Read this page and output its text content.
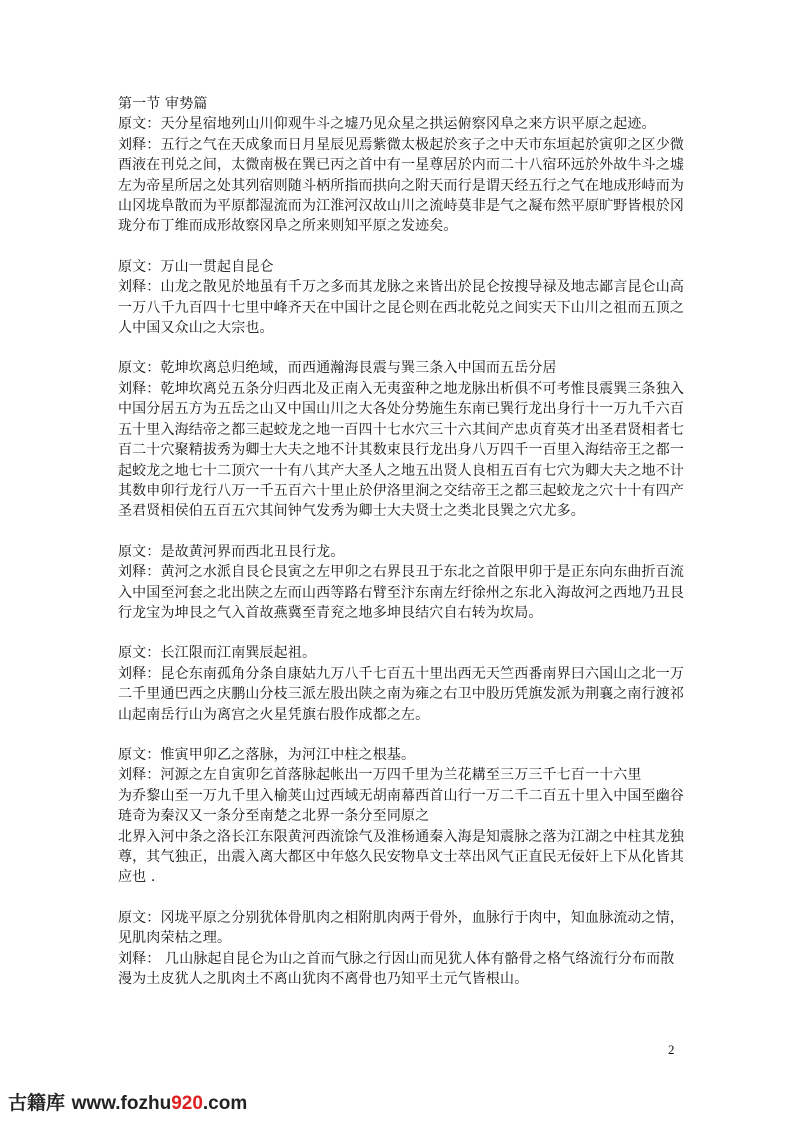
第一节 审势篇
原文：天分星宿地列山川仰观牛斗之墟乃见众星之拱运俯察冈阜之来方识平原之起迹。
刘释：五行之气在天成象而日月星辰见焉紫微太极起於亥子之中天市东垣起於寅卯之区少微
酉液在刊兑之间，太微南极在巽已丙之首中有一星尊居於内而二十八宿环远於外故牛斗之墟
左为帝星所居之处其列宿则随斗柄所指而拱向之附天而行是谓天经五行之气在地成形峙而为
山冈垅阜散而为平原都湿流而为江淮河汉故山川之流峙莫非是气之凝布然平原旷野皆根於冈
珑分布丁维而成形故察冈阜之所来则知平原之发迹矣。
原文：万山一贯起自昆仑
刘释：山龙之散见於地虽有千万之多而其龙脉之来皆出於昆仑按搜导禄及地志鄙言昆仑山高
一万八千九百四十七里中峰齐天在中国计之昆仑则在西北乾兑之间实天下山川之祖而五顶之
人中国又众山之大宗也。
原文：乾坤坎离总归绝域，而西通瀚海艮震与巽三条入中国而五岳分居
刘释：乾坤坎离兑五条分归西北及正南入无夷蛮种之地龙脉出析俱不可考惟艮震巽三条独入
中国分居五方为五岳之山又中国山川之大各处分势施生东南已巽行龙出身行十一万九千六百
五十里入海结帝之都三起蛟龙之地一百四十七水穴三十六其间产忠贞育英才出圣君贤相者七
百二十穴聚精拔秀为卿士大夫之地不计其数束艮行龙出身八万四千一百里入海结帝王之都一
起蛟龙之地七十二顶穴一十有八其产大圣人之地五出贤人良相五百有七穴为卿大夫之地不计
其数申卯行龙行八万一千五百六十里止於伊洛里涧之交结帝王之都三起蛟龙之穴十十有四产
圣君贤相侯伯五百五穴其间钟气发秀为卿士大夫贤士之类北艮巽之穴尤多。
原文：是故黄河界而西北丑艮行龙。
刘释：黄河之水派自艮仑艮寅之左甲卯之右界艮丑于东北之首限甲卯于是正东向东曲折百流
入中国至河套之北出陕之左而山西等路右臂至汴东南左纡徐州之东北入海故河之西地乃丑艮
行龙宝为坤艮之气入首故燕冀至青兖之地多坤艮结穴自右转为坎局。
原文：长江限而江南巽辰起祖。
刘释：昆仑东南孤角分条自康姑九万八千七百五十里出西无天竺西番南界曰六国山之北一万
二千里通巴西之庆鹏山分枝三派左股出陕之南为雍之右卫中股历凭旗发派为荆襄之南行渡祁
山起南岳行山为离宫之火星凭旗右股作成都之左。
原文：惟寅甲卯乙之落脉，为河江中柱之根基。
刘释：河源之左自寅卯乞首落脉起帐出一万四千里为兰花耩至三万三千七百一十六里
为乔黎山至一万九千里入榆荚山过西域无胡南幕西首山行一万二千二百五十里入中国至幽谷
琏奇为秦汉又一条分至南楚之北界一条分至同原之
北界入河中条之洛长江东限黄河西流馀气及淮杨通秦入海是知震脉之落为江湖之中柱其龙独
尊，其气独正，出震入离大都区中年悠久民安物阜文士萃出风气正直民无佞奸上下从化皆其
应也 .
原文：冈垅平原之分别犹体骨肌肉之相附肌肉两于骨外，血脉行于肉中，知血脉流动之情，
见肌肉荣枯之理。
刘释： 几山脉起自昆仑为山之首而气脉之行因山而见犹人体有骼骨之格气络流行分布而散
漫为土皮犹人之肌肉土不离山犹肉不离骨也乃知平土元气皆根山。
2
古籍库 www.fozhu920.com
